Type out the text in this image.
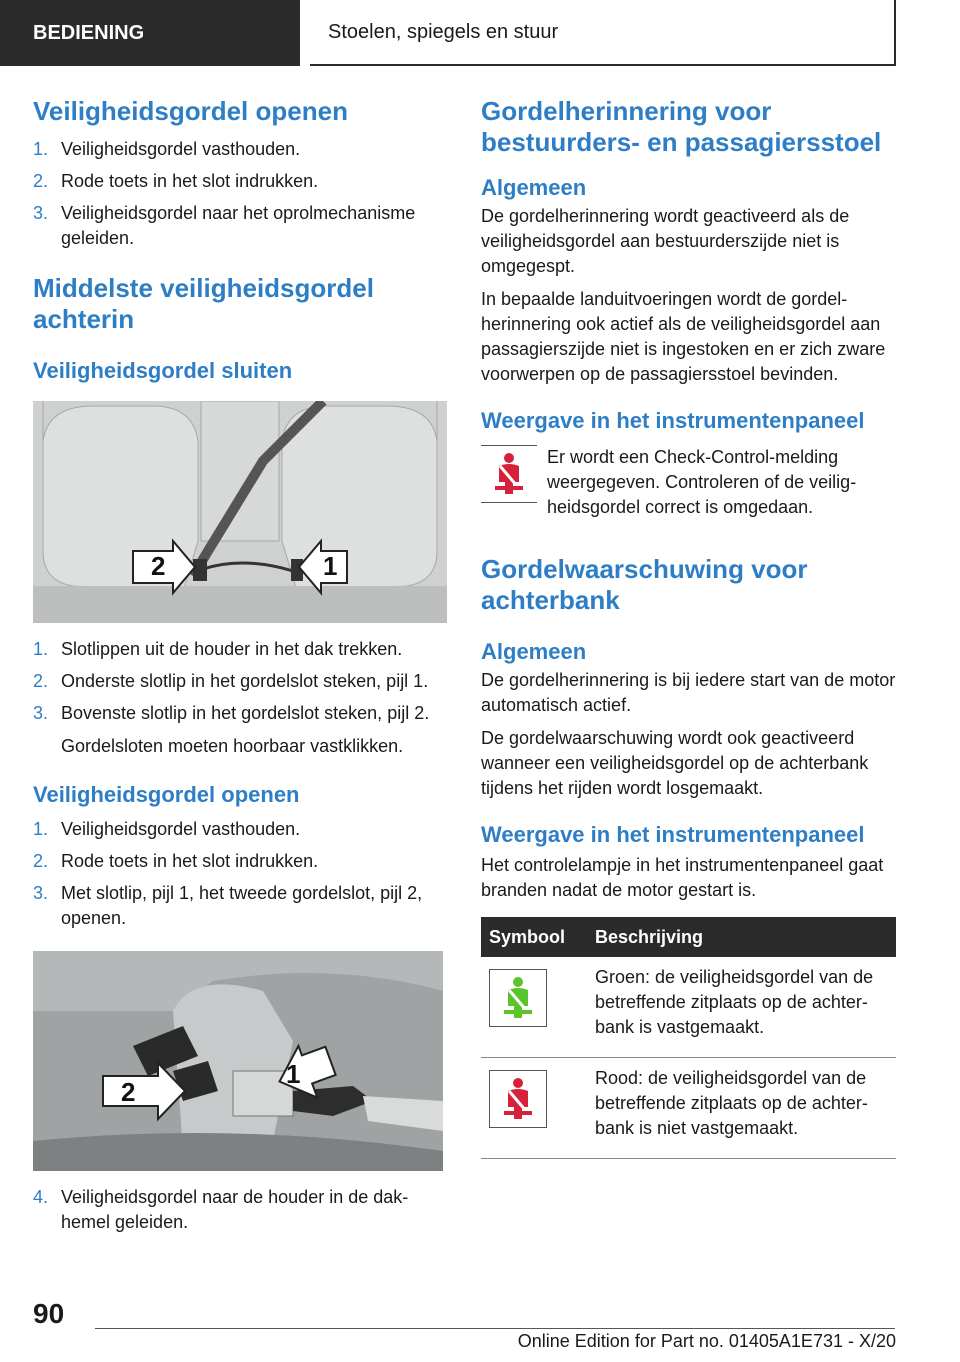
BEDIENING	Stoelen, spiegels en stuur
Veiligheidsgordel openen
1. Veiligheidsgordel vasthouden.
2. Rode toets in het slot indrukken.
3. Veiligheidsgordel naar het oprolmechanisme geleiden.
Middelste veiligheidsgordel achterin
Veiligheidsgordel sluiten
2	1
1. Slotlippen uit de houder in het dak trekken.
2. Onderste slotlip in het gordelslot steken, pijl 1.
3. Bovenste slotlip in het gordelslot steken, pijl 2.

Gordelsloten moeten hoorbaar vastklikken.

Veiligheidsgordel openen
1. Veiligheidsgordel vasthouden.
2. Rode toets in het slot indrukken.
3. Met slotlip, pijl 1, het tweede gordelslot, pijl 2, openen.
2
1
4. Veiligheidsgordel naar de houder in de dakhemel geleiden.
Gordelherinnering voor bestuurders- en passagiersstoel
Algemeen

De gordelherinnering wordt geactiveerd als de veiligheidsgordel aan bestuurderszijde niet is omgegespt.

In bepaalde landuitvoeringen wordt de gordelherinnering ook actief als de veiligheidsgordel aan passagierszijde niet is ingestoken en er zich zware voorwerpen op de passagiersstoel bevinden.

Weergave in het instrumentenpaneel

Er wordt een Check-Control-melding weergegeven. Controleren of de veiligheidsgordel correct is omgedaan.

Gordelwaarschuwing voor achterbank
Algemeen

De gordelherinnering is bij iedere start van de motor automatisch actief.

De gordelwaarschuwing wordt ook geactiveerd wanneer een veiligheidsgordel op de achterbank tijdens het rijden wordt losgemaakt.

Weergave in het instrumentenpaneel

Het controlelampje in het instrumentenpaneel gaat branden nadat de motor gestart is.

Symbool	Beschrijving

	Groen: de veiligheidsgordel van de betreffende zitplaats op de achterbank is vastgemaakt.

	Rood: de veiligheidsgordel van de betreffende zitplaats op de achterbank is niet vastgemaakt.
90
Online Edition for Part no. 01405A1E731 - X/20
